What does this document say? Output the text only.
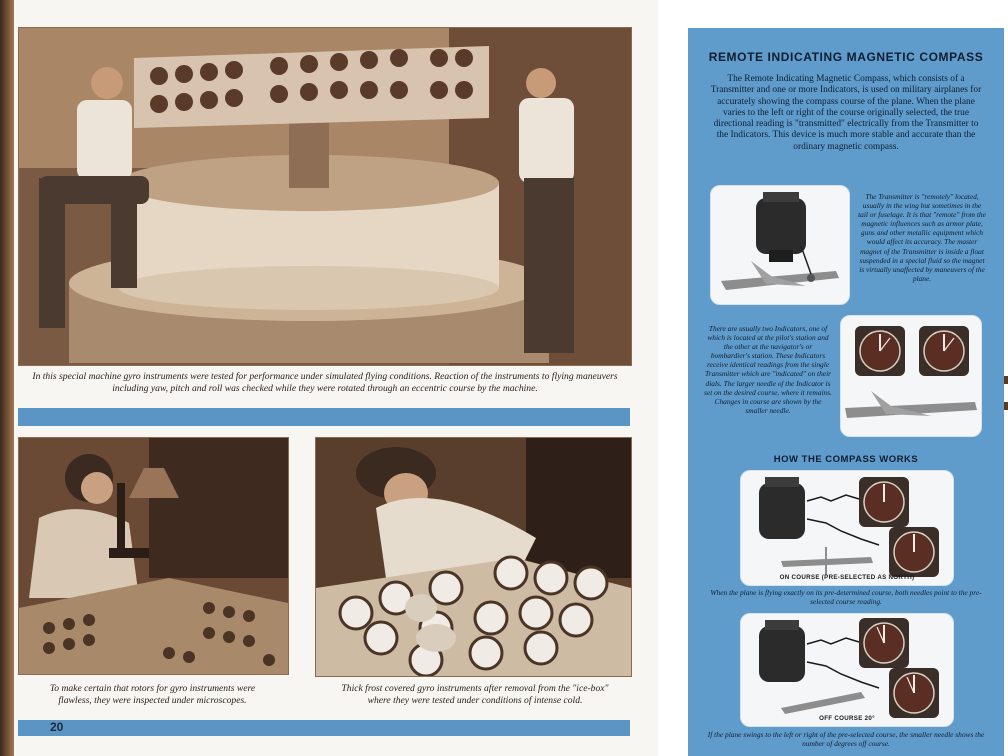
In this special machine gyro instruments were tested for performance under simulated flying conditions. Reaction of the instruments to flying maneuvers including yaw, pitch and roll was checked while they were rotated through an eccentric course by the machine.
To make certain that rotors for gyro instruments were flawless, they were inspected under microscopes.
Thick frost covered gyro instruments after removal from the "ice-box" where they were tested under conditions of intense cold.
20
REMOTE INDICATING MAGNETIC COMPASS
The Remote Indicating Magnetic Compass, which consists of a Transmitter and one or more Indicators, is used on military airplanes for accurately showing the compass course of the plane. When the plane varies to the left or right of the course originally selected, the true directional reading is "transmitted" electrically from the Transmitter to the Indicators. This device is much more stable and accurate than the ordinary magnetic compass.
The Transmitter is "remotely" located, usually in the wing but sometimes in the tail or fuselage. It is that "remote" from the magnetic influences such as armor plate, guns and other metallic equipment which would affect its accuracy. The master magnet of the Transmitter is inside a float suspended in a special fluid so the magnet is virtually unaffected by maneuvers of the plane.
There are usually two Indicators, one of which is located at the pilot's station and the other at the navigator's or bombardier's station. These Indicators receive identical readings from the single Transmitter which are "indicated" on their dials. The larger needle of the Indicator is set on the desired course, where it remains. Changes in course are shown by the smaller needle.
HOW THE COMPASS WORKS
ON COURSE (PRE-SELECTED AS NORTH)
When the plane is flying exactly on its pre-determined course, both needles point to the pre-selected course reading.
OFF COURSE 20°
If the plane swings to the left or right of the pre-selected course, the smaller needle shows the number of degrees off course.
